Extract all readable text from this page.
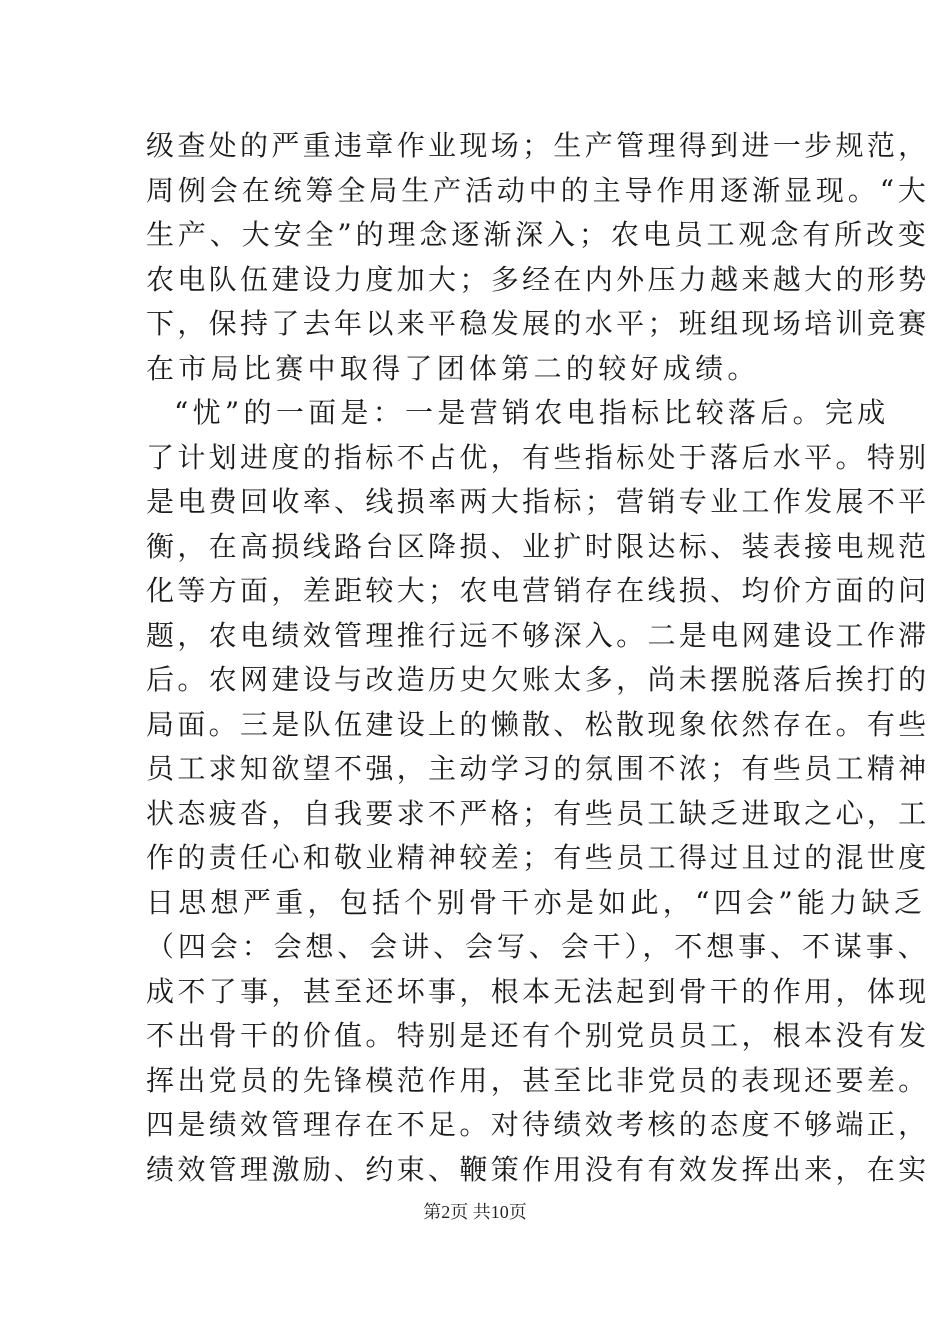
级查处的严重违章作业现场；生产管理得到进一步规范，
周例会在统筹全局生产活动中的主导作用逐渐显现。“大
生产、大安全”的理念逐渐深入；农电员工观念有所改变
农电队伍建设力度加大；多经在内外压力越来越大的形势
下，保持了去年以来平稳发展的水平；班组现场培训竞赛
在市局比赛中取得了团体第二的较好成绩。
“忧”的一面是：一是营销农电指标比较落后。完成
了计划进度的指标不占优，有些指标处于落后水平。特别
是电费回收率、线损率两大指标；营销专业工作发展不平
衡，在高损线路台区降损、业扩时限达标、装表接电规范
化等方面，差距较大；农电营销存在线损、均价方面的问
题，农电绩效管理推行远不够深入。二是电网建设工作滞
后。农网建设与改造历史欠账太多，尚未摆脱落后挨打的
局面。三是队伍建设上的懒散、松散现象依然存在。有些
员工求知欲望不强，主动学习的氛围不浓；有些员工精神
状态疲沓，自我要求不严格；有些员工缺乏进取之心，工
作的责任心和敬业精神较差；有些员工得过且过的混世度
日思想严重，包括个别骨干亦是如此，“四会”能力缺乏
（四会：会想、会讲、会写、会干），不想事、不谋事、
成不了事，甚至还坏事，根本无法起到骨干的作用，体现
不出骨干的价值。特别是还有个别党员员工，根本没有发
挥出党员的先锋模范作用，甚至比非党员的表现还要差。
四是绩效管理存在不足。对待绩效考核的态度不够端正，
绩效管理激励、约束、鞭策作用没有有效发挥出来，在实
第2页 共10页
